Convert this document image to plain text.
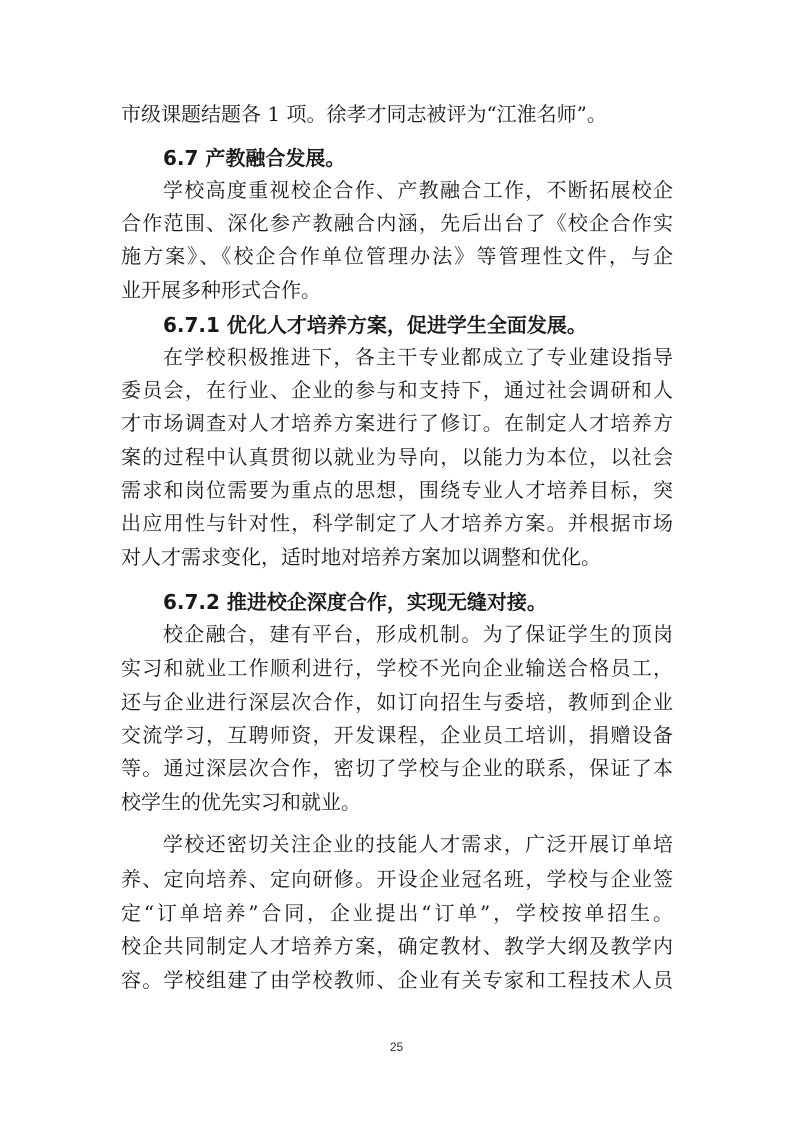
市级课题结题各 1 项。徐孝才同志被评为“江淮名师”。
6.7 产教融合发展。
学校高度重视校企合作、产教融合工作，不断拓展校企
合作范围、深化参产教融合内涵，先后出台了《校企合作实
施方案》、《校企合作单位管理办法》等管理性文件，与企
业开展多种形式合作。
6.7.1 优化人才培养方案，促进学生全面发展。
在学校积极推进下，各主干专业都成立了专业建设指导
委员会，在行业、企业的参与和支持下，通过社会调研和人
才市场调查对人才培养方案进行了修订。在制定人才培养方
案的过程中认真贯彻以就业为导向，以能力为本位，以社会
需求和岗位需要为重点的思想，围绕专业人才培养目标，突
出应用性与针对性，科学制定了人才培养方案。并根据市场
对人才需求变化，适时地对培养方案加以调整和优化。
6.7.2 推进校企深度合作，实现无缝对接。
校企融合，建有平台，形成机制。为了保证学生的顶岗
实习和就业工作顺利进行，学校不光向企业输送合格员工，
还与企业进行深层次合作，如订向招生与委培，教师到企业
交流学习，互聘师资，开发课程，企业员工培训，捐赠设备
等。通过深层次合作，密切了学校与企业的联系，保证了本
校学生的优先实习和就业。
学校还密切关注企业的技能人才需求，广泛开展订单培
养、定向培养、定向研修。开设企业冠名班，学校与企业签
定“订单培养”合同，企业提出“订单”，学校按单招生。
校企共同制定人才培养方案，确定教材、教学大纲及教学内
容。学校组建了由学校教师、企业有关专家和工程技术人员
25
